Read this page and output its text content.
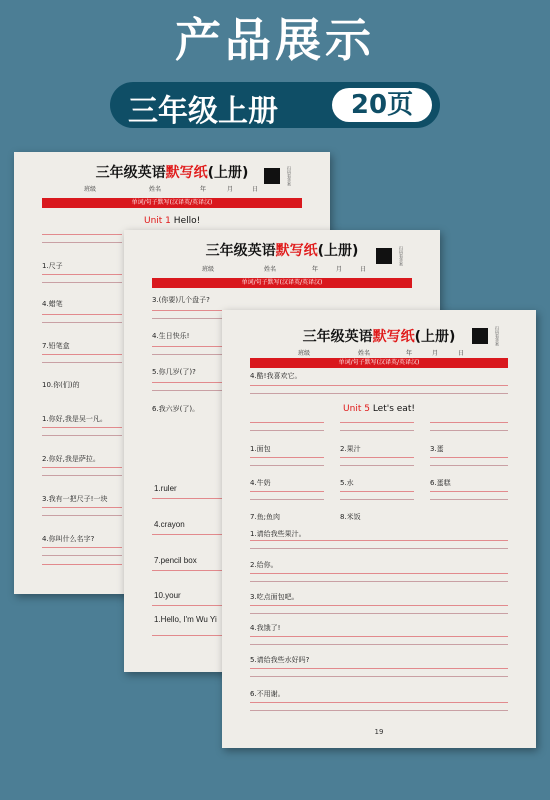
产品展示
三年级上册	20页
三年级英语默写纸(上册)	扫码看答案
班级	姓名	年	月	日
单词/句子默写(汉译英/英译汉)
Unit 1 Hello!
1.尺子
4.蜡笔
7.铅笔盒
10.你(们)的
1.你好,我是吴一凡。
2.你好,我是萨拉。
3.我有一把尺子!一块
4.你叫什么名字?
三年级英语默写纸(上册)	扫码看答案
班级	姓名	年	月	日
单词/句子默写(汉译英/英译汉)
3.(你要)几个盘子?
4.生日快乐!
5.你几岁(了)?
6.我六岁(了)。
1.ruler
4.crayon
7.pencil box
10.your
1.Hello, I'm Wu Yi
三年级英语默写纸(上册)	扫码看答案
班级	姓名	年	月	日
单词/句子默写(汉译英/英译汉)
4.酷!我喜欢它。
Unit 5 Let's eat!
1.面包	2.果汁	3.蛋
4.牛奶	5.水	6.蛋糕
7.鱼;鱼肉	8.米饭
1.请给我些果汁。
2.给你。
3.吃点面包吧。
4.我饿了!
5.请给我些水好吗?
6.不用谢。
19
